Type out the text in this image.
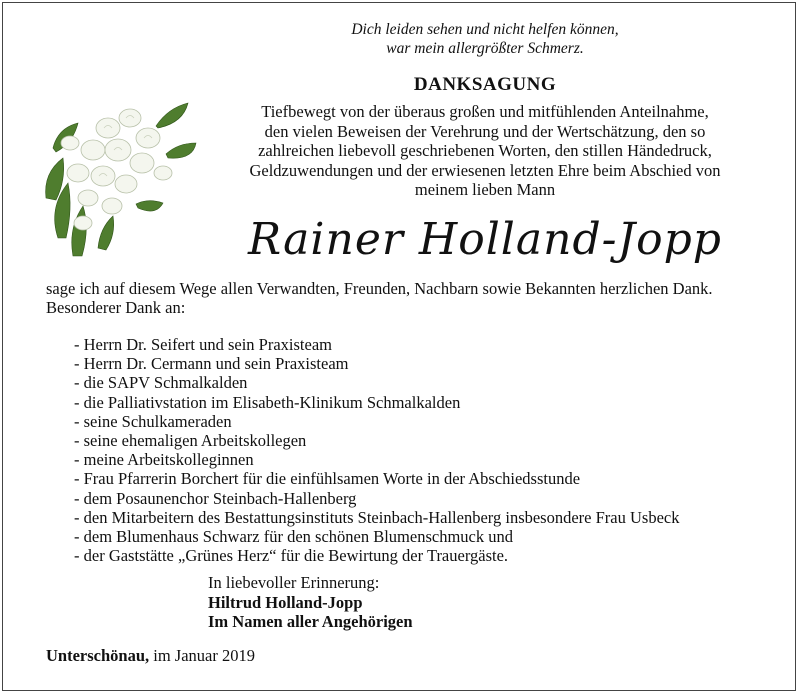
Dich leiden sehen und nicht helfen können,
war mein allergrößter Schmerz.
DANKSAGUNG
Tiefbewegt von der überaus großen und mitfühlenden Anteilnahme,
den vielen Beweisen der Verehrung und der Wertschätzung, den so
zahlreichen liebevoll geschriebenen Worten, den stillen Händedruck,
Geldzuwendungen und der erwiesenen letzten Ehre beim Abschied von
meinem lieben Mann
Rainer Holland-Jopp
sage ich auf diesem Wege allen Verwandten, Freunden, Nachbarn sowie Bekannten herzlichen Dank.
Besonderer Dank an:
- Herrn Dr. Seifert und sein Praxisteam
- Herrn Dr. Cermann und sein Praxisteam
- die SAPV Schmalkalden
- die Palliativstation im Elisabeth-Klinikum Schmalkalden
- seine Schulkameraden
- seine ehemaligen Arbeitskollegen
- meine Arbeitskolleginnen
- Frau Pfarrerin Borchert für die einfühlsamen Worte in der Abschiedsstunde
- dem Posaunenchor Steinbach-Hallenberg
- den Mitarbeitern des Bestattungsinstituts Steinbach-Hallenberg insbesondere Frau Usbeck
- dem Blumenhaus Schwarz für den schönen Blumenschmuck und
- der Gaststätte „Grünes Herz“ für die Bewirtung der Trauergäste.
In liebevoller Erinnerung:
Hiltrud Holland-Jopp
Im Namen aller Angehörigen
Unterschönau, im Januar 2019
